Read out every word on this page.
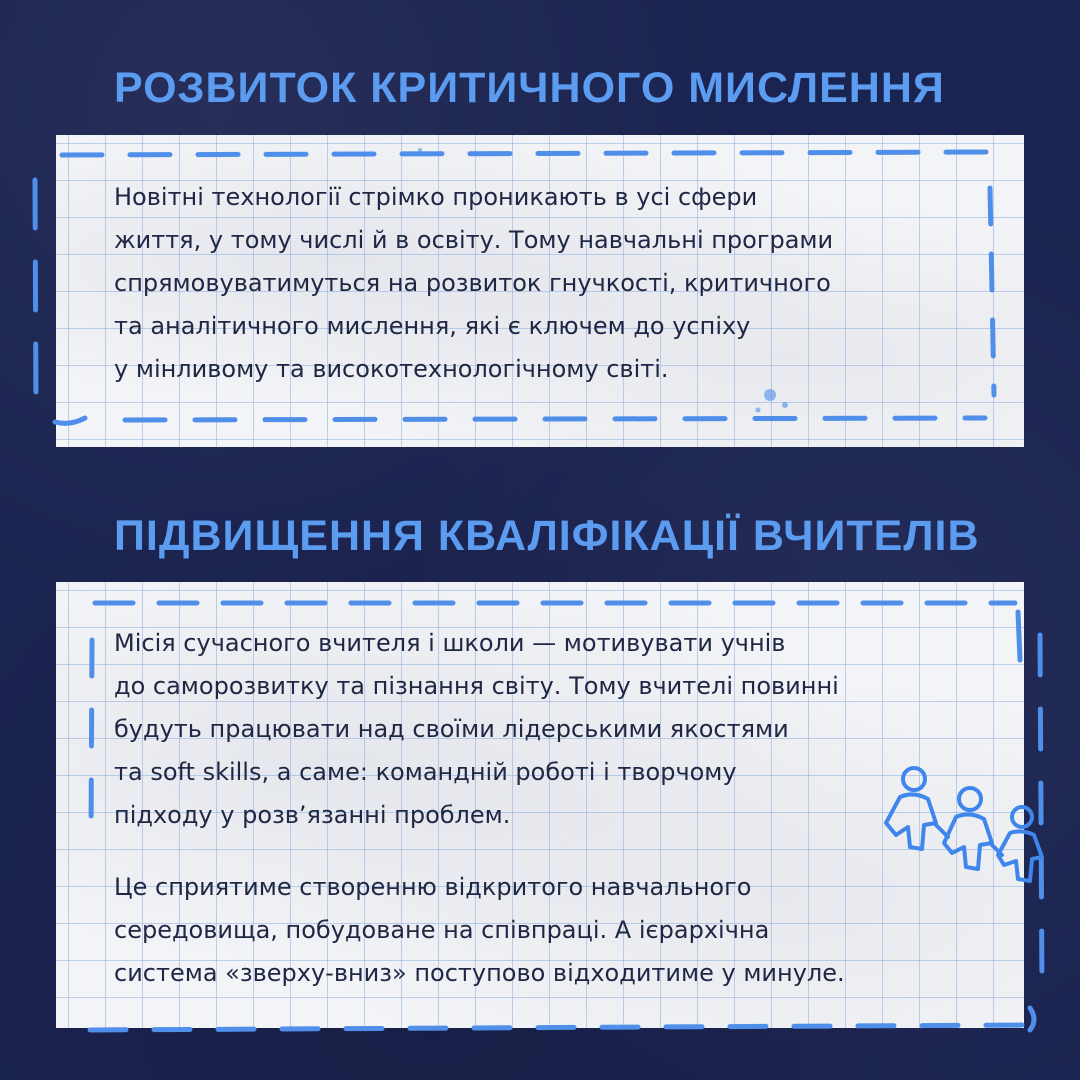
РОЗВИТОК КРИТИЧНОГО МИСЛЕННЯ
ПІДВИЩЕННЯ КВАЛІФІКАЦІЇ ВЧИТЕЛІВ

Новітні технології стрімко проникають в усі сфери
життя, у тому числі й в освіту. Тому навчальні програми
спрямовуватимуться на розвиток гнучкості, критичного
та аналітичного мислення, які є ключем до успіху
у мінливому та високотехнологічному світі.

Місія сучасного вчителя і школи — мотивувати учнів
до саморозвитку та пізнання світу. Тому вчителі повинні
будуть працювати над своїми лідерськими якостями
та soft skills, а саме: командній роботі і творчому
підходу у розв’язанні проблем.

Це сприятиме створенню відкритого навчального
середовища, побудоване на співпраці. А ієрархічна
система «зверху-вниз» поступово відходитиме у минуле.
